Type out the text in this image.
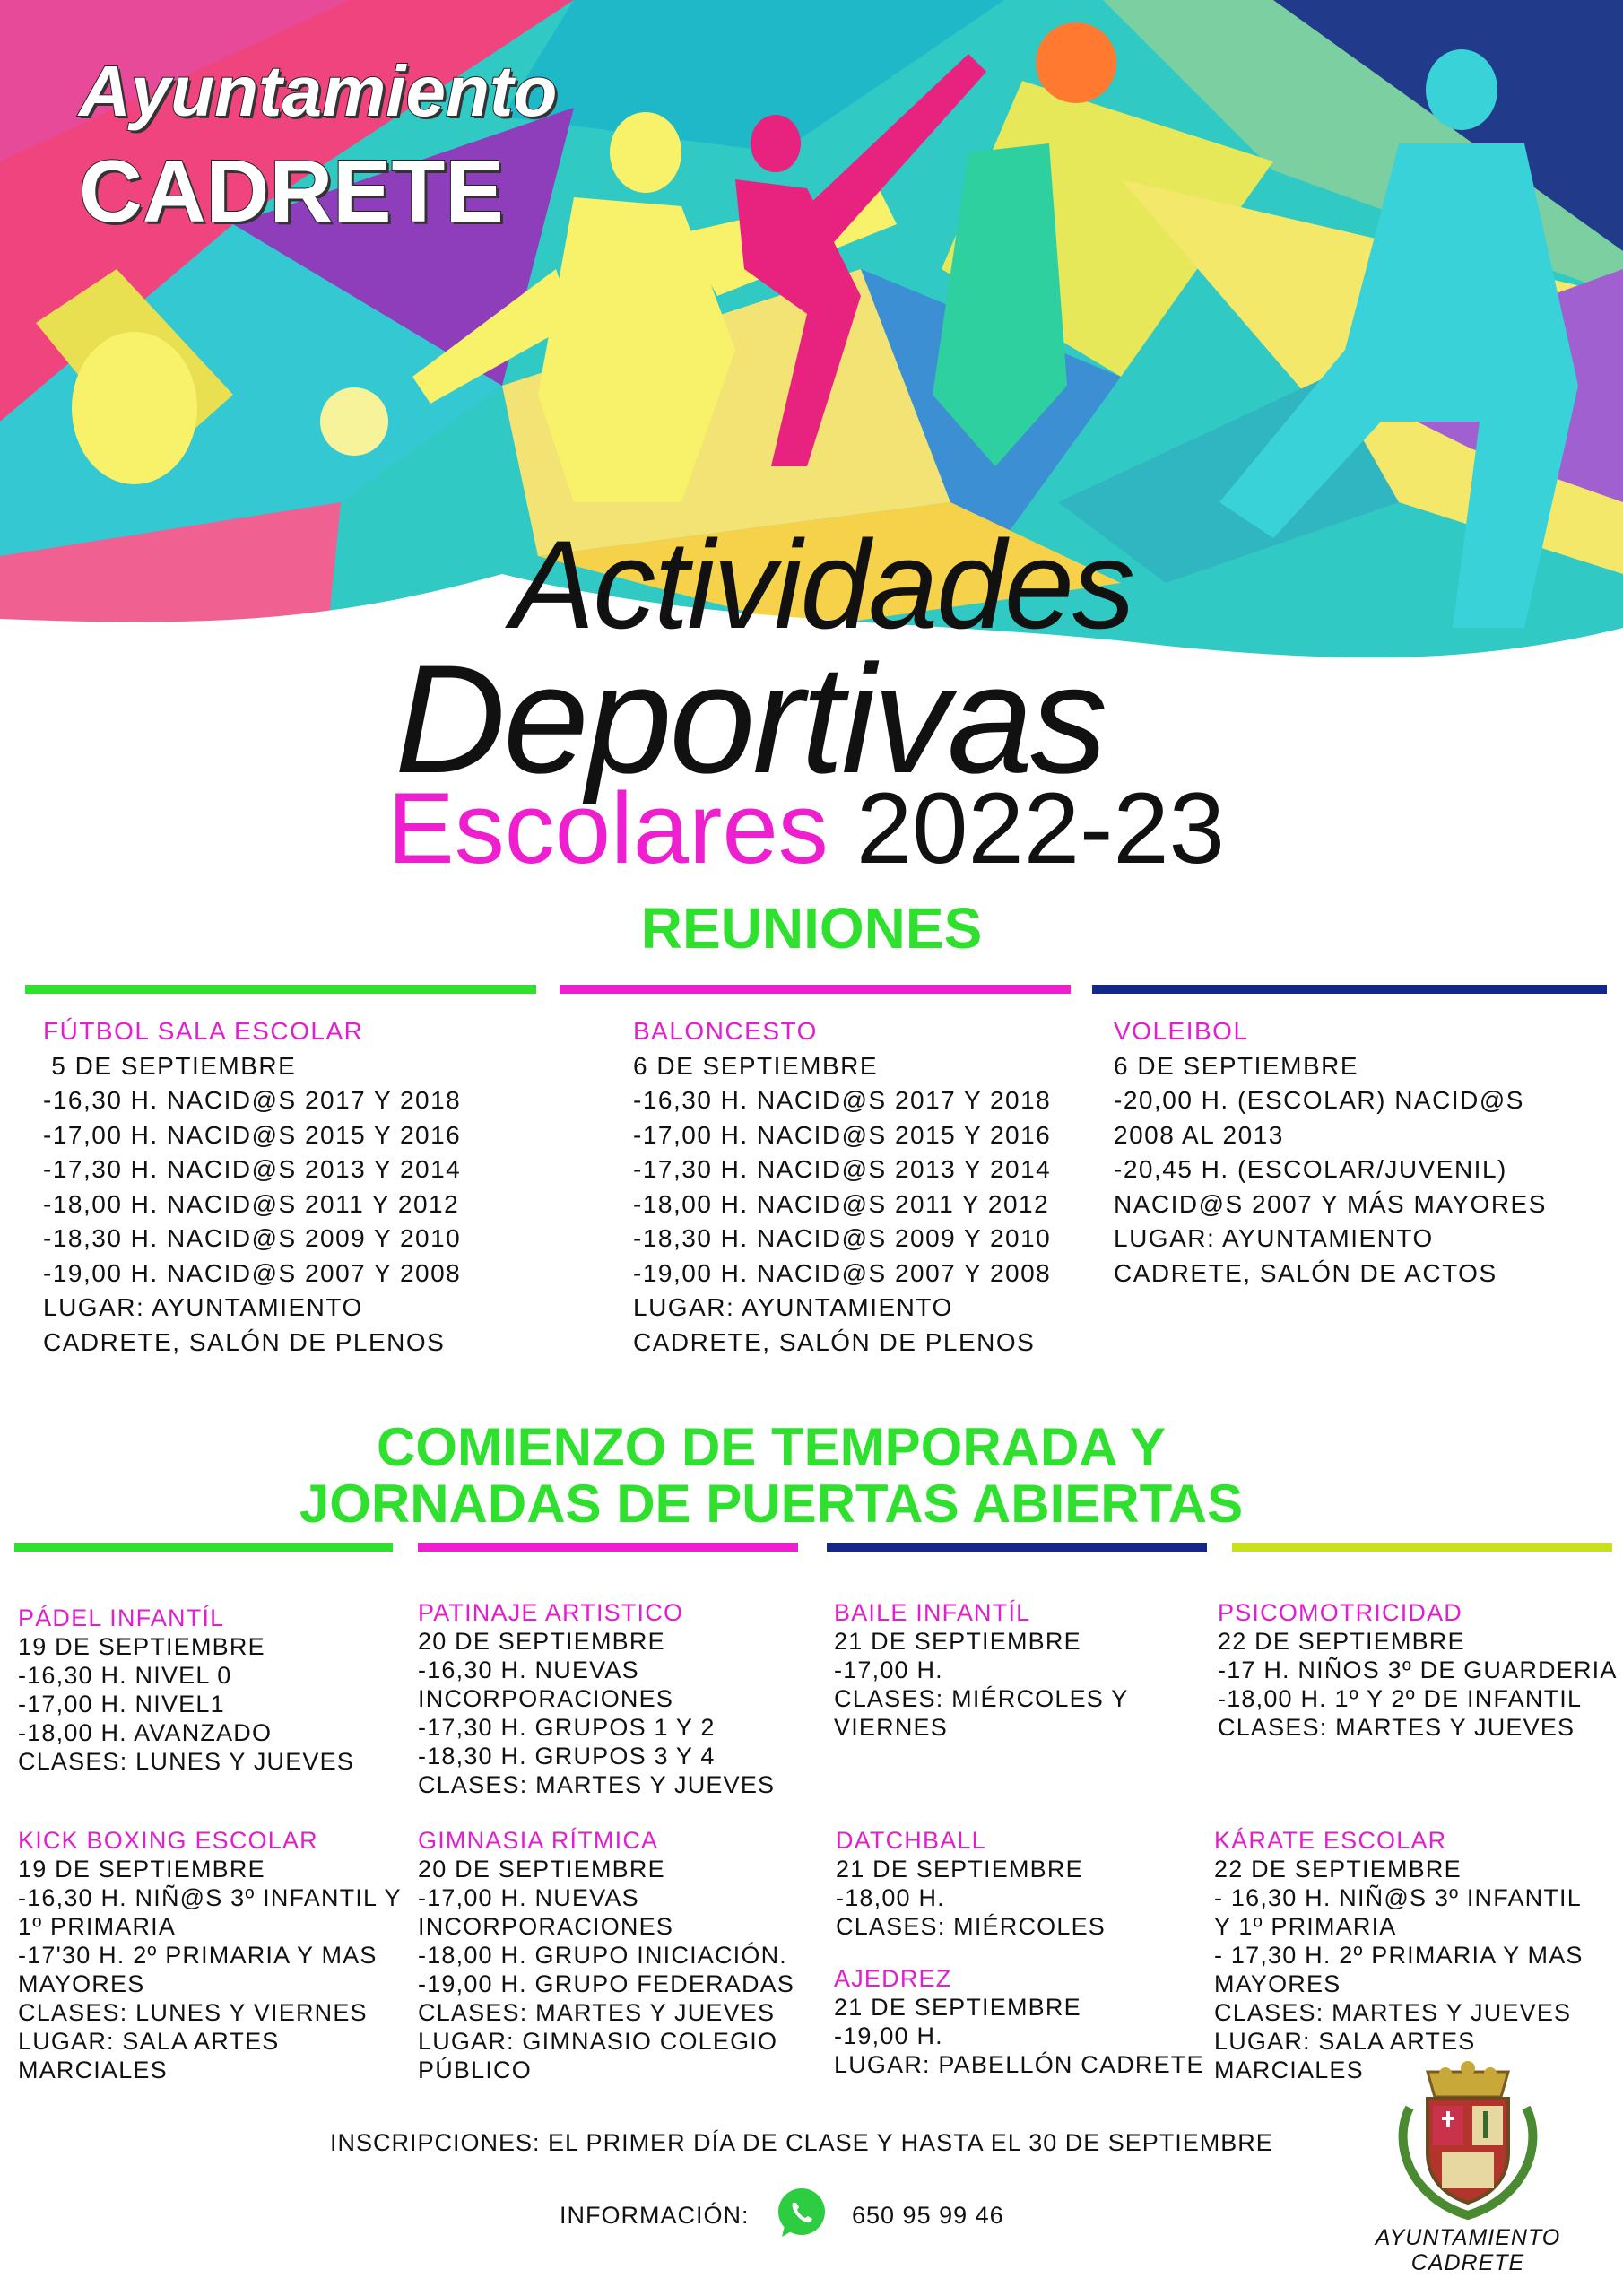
Ayuntamiento
CADRETE
Actividades
Deportivas
Escolares 2022-23
REUNIONES
FÚTBOL SALA ESCOLAR
5 DE SEPTIEMBRE
-16,30 H. NACID@S 2017 Y 2018
-17,00 H. NACID@S 2015 Y 2016
-17,30 H. NACID@S 2013 Y 2014
-18,00 H. NACID@S 2011 Y 2012
-18,30 H. NACID@S 2009 Y 2010
-19,00 H. NACID@S 2007 Y 2008
LUGAR: AYUNTAMIENTO
CADRETE, SALÓN DE PLENOS
BALONCESTO
6 DE SEPTIEMBRE
-16,30 H. NACID@S 2017 Y 2018
-17,00 H. NACID@S 2015 Y 2016
-17,30 H. NACID@S 2013 Y 2014
-18,00 H. NACID@S 2011 Y 2012
-18,30 H. NACID@S 2009 Y 2010
-19,00 H. NACID@S 2007 Y 2008
LUGAR: AYUNTAMIENTO
CADRETE, SALÓN DE PLENOS
VOLEIBOL
6 DE SEPTIEMBRE
-20,00 H. (ESCOLAR) NACID@S
2008 AL 2013
-20,45 H. (ESCOLAR/JUVENIL)
NACID@S 2007 Y MÁS MAYORES
LUGAR: AYUNTAMIENTO
CADRETE, SALÓN DE ACTOS
COMIENZO DE TEMPORADA Y
JORNADAS DE PUERTAS ABIERTAS
PÁDEL INFANTÍL
19 DE SEPTIEMBRE
-16,30 H. NIVEL 0
-17,00 H. NIVEL1
-18,00 H. AVANZADO
CLASES: LUNES Y JUEVES
PATINAJE ARTISTICO
20 DE SEPTIEMBRE
-16,30 H. NUEVAS
INCORPORACIONES
-17,30 H. GRUPOS 1 Y 2
-18,30 H. GRUPOS 3 Y 4
CLASES: MARTES Y JUEVES
BAILE INFANTÍL
21 DE SEPTIEMBRE
-17,00 H.
CLASES: MIÉRCOLES Y
VIERNES
PSICOMOTRICIDAD
22 DE SEPTIEMBRE
-17 H. NIÑOS 3º DE GUARDERIA
-18,00 H. 1º Y 2º DE INFANTIL
CLASES: MARTES Y JUEVES
KICK BOXING ESCOLAR
19 DE SEPTIEMBRE
-16,30 H. NIÑ@S 3º INFANTIL Y
1º PRIMARIA
-17'30 H. 2º PRIMARIA Y MAS
MAYORES
CLASES: LUNES Y VIERNES
LUGAR: SALA ARTES
MARCIALES
GIMNASIA RÍTMICA
20 DE SEPTIEMBRE
-17,00 H. NUEVAS
INCORPORACIONES
-18,00 H. GRUPO INICIACIÓN.
-19,00 H. GRUPO FEDERADAS
CLASES: MARTES Y JUEVES
LUGAR: GIMNASIO COLEGIO
PÚBLICO
DATCHBALL
21 DE SEPTIEMBRE
-18,00 H.
CLASES: MIÉRCOLES
AJEDREZ
21 DE SEPTIEMBRE
-19,00 H.
LUGAR: PABELLÓN CADRETE
KÁRATE ESCOLAR
22 DE SEPTIEMBRE
- 16,30 H. NIÑ@S 3º INFANTIL
Y 1º PRIMARIA
- 17,30 H. 2º PRIMARIA Y MAS
MAYORES
CLASES: MARTES Y JUEVES
LUGAR: SALA ARTES
MARCIALES
INSCRIPCIONES: EL PRIMER DÍA DE CLASE Y HASTA EL 30 DE SEPTIEMBRE
INFORMACIÓN:	650 95 99 46
AYUNTAMIENTO
CADRETE
